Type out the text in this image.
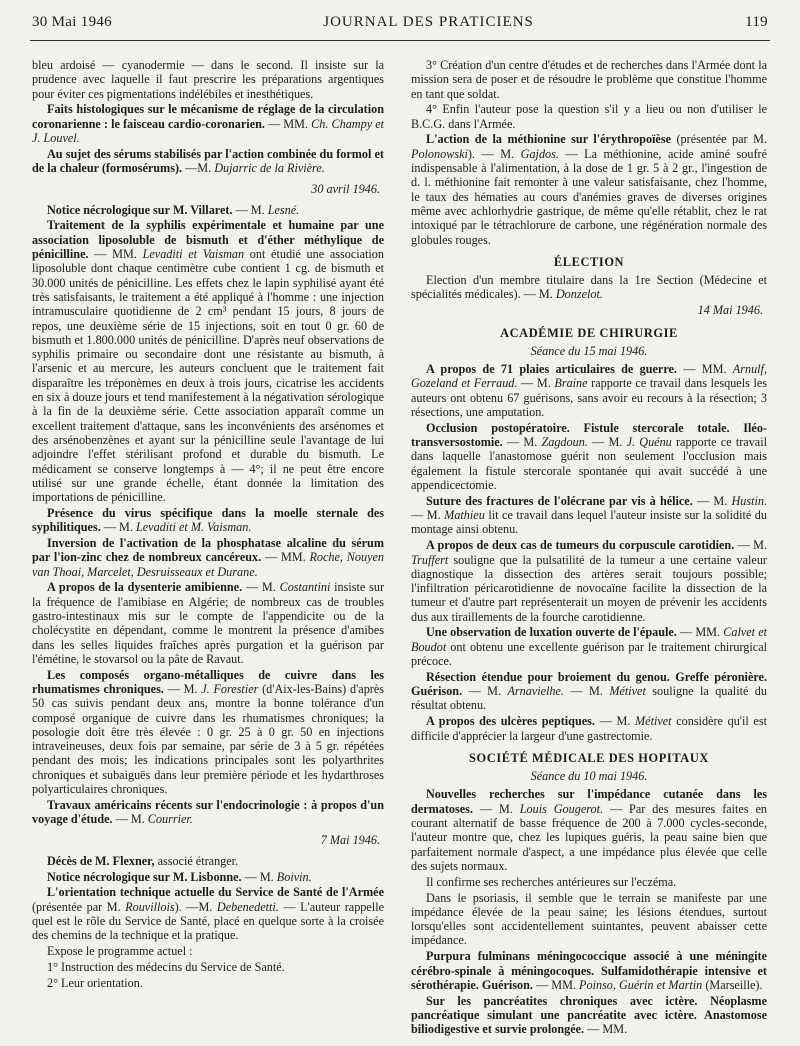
30 Mai 1946	JOURNAL DES PRATICIENS	119

bleu ardoisé — cyanodermie — dans le second. Il insiste sur la prudence avec laquelle il faut prescrire les préparations argentiques pour éviter ces pigmentations indélébiles et inesthétiques.

Faits histologiques sur le mécanisme de réglage de la circulation coronarienne : le faisceau cardio-coronarien. — MM. Ch. Champy et J. Louvel.

Au sujet des sérums stabilisés par l'action combinée du formol et de la chaleur (formosérums). —M. Dujarric de la Rivière.

30 avril 1946.

Notice nécrologique sur M. Villaret. — M. Lesné.

Traitement de la syphilis expérimentale et humaine par une association liposoluble de bismuth et d'éther méthylique de pénicilline. — MM. Levaditi et Vaisman ont étudié une association liposoluble dont chaque centimètre cube contient 1 cg. de bismuth et 30.000 unités de pénicilline. Les effets chez le lapin syphilisé ayant été très satisfaisants, le traitement a été appliqué à l'homme : une injection intramusculaire quotidienne de 2 cm³ pendant 15 jours, 8 jours de repos, une deuxième série de 15 injections, soit en tout 0 gr. 60 de bismuth et 1.800.000 unités de pénicilline. D'après neuf observations de syphilis primaire ou secondaire dont une résistante au bismuth, à l'arsenic et au mercure, les auteurs concluent que le traitement fait disparaître les tréponèmes en deux à trois jours, cicatrise les accidents en six à douze jours et tend manifestement à la négativation sérologique à la fin de la deuxième série. Cette association apparaît comme un excellent traitement d'attaque, sans les inconvénients des arsénomes et des arsénobenzènes et ayant sur la pénicilline seule l'avantage de lui adjoindre l'effet stérilisant profond et durable du bismuth. Le médicament se conserve longtemps à — 4°; il ne peut être encore utilisé sur une grande échelle, étant donnée la limitation des importations de pénicilline.

Présence du virus spécifique dans la moelle sternale des syphilitiques. — M. Levaditi et M. Vaisman.

Inversion de l'activation de la phosphatase alcaline du sérum par l'ion-zinc chez de nombreux cancéreux. — MM. Roche, Nouyen van Thoai, Marcelet, Desruisseaux et Durane.

A propos de la dysenterie amibienne. — M. Costantini insiste sur la fréquence de l'amibiase en Algérie; de nombreux cas de troubles gastro-intestinaux mis sur le compte de l'appendicite ou de la cholécystite en dépendant, comme le montrent la présence d'amibes dans les selles liquides fraîches après purgation et la guérison par l'émétine, le stovarsol ou la pâte de Ravaut.

Les composés organo-métalliques de cuivre dans les rhumatismes chroniques. — M. J. Forestier (d'Aix-les-Bains) d'après 50 cas suivis pendant deux ans, montre la bonne tolérance d'un composé organique de cuivre dans les rhumatismes chroniques; la posologie doit être très élevée : 0 gr. 25 à 0 gr. 50 en injections intraveineuses, deux fois par semaine, par série de 3 à 5 gr. répétées pendant des mois; les indications principales sont les polyarthrites chroniques et subaiguës dans leur première période et les hydarthroses polyarticulaires chroniques.

Travaux américains récents sur l'endocrinologie : à propos d'un voyage d'étude. — M. Courrier.

7 Mai 1946.

Décès de M. Flexner, associé étranger.

Notice nécrologique sur M. Lisbonne. — M. Boivin.

L'orientation technique actuelle du Service de Santé de l'Armée (présentée par M. Rouvillois). —M. Debenedetti. — L'auteur rappelle quel est le rôle du Service de Santé, placé en quelque sorte à la croisée des chemins de la technique et la pratique.

Expose le programme actuel :

1° Instruction des médecins du Service de Santé.

2° Leur orientation.

3° Création d'un centre d'études et de recherches dans l'Armée dont la mission sera de poser et de résoudre le problème que constitue l'homme en tant que soldat.

4° Enfin l'auteur pose la question s'il y a lieu ou non d'utiliser le B.C.G. dans l'Armée.

L'action de la méthionine sur l'érythropoïèse (présentée par M. Polonowski). — M. Gajdos. — La méthionine, acide aminé soufré indispensable à l'alimentation, à la dose de 1 gr. 5 à 2 gr., l'ingestion de d. l. méthionine fait remonter à une valeur satisfaisante, chez l'homme, le taux des hématies au cours d'anémies graves de diverses origines même avec achlorhydrie gastrique, de même qu'elle rétablit, chez le rat intoxiqué par le tétrachlorure de carbone, une régénération normale des globules rouges.

ÉLECTION

Election d'un membre titulaire dans la 1re Section (Médecine et spécialités médicales). — M. Donzelot.

14 Mai 1946.

ACADÉMIE DE CHIRURGIE
Séance du 15 mai 1946.

A propos de 71 plaies articulaires de guerre. — MM. Arnulf, Gozeland et Ferraud. — M. Braine rapporte ce travail dans lesquels les auteurs ont obtenu 67 guérisons, sans avoir eu recours à la résection; 3 résections, une amputation.

Occlusion postopératoire. Fistule stercorale totale. Iléo-transversostomie. — M. Zagdoun. — M. J. Quénu rapporte ce travail dans laquelle l'anastomose guérit non seulement l'occlusion mais également la fistule stercorale spontanée qui avait succédé à une appendicectomie.

Suture des fractures de l'olécrane par vis à hélice. — M. Hustin. — M. Mathieu lit ce travail dans lequel l'auteur insiste sur la solidité du montage ainsi obtenu.

A propos de deux cas de tumeurs du corpuscule carotidien. — M. Truffert souligne que la pulsatilité de la tumeur a une certaine valeur diagnostique la dissection des artères serait toujours possible; l'infiltration péricarotidienne de novocaïne facilite la dissection de la tumeur et d'autre part représenterait un moyen de prévenir les accidents dus aux tiraillements de la fourche carotidienne.

Une observation de luxation ouverte de l'épaule. — MM. Calvet et Boudot ont obtenu une excellente guérison par le traitement chirurgical précoce.

Résection étendue pour broiement du genou. Greffe péronière. Guérison. — M. Arnavielhe. — M. Métivet souligne la qualité du résultat obtenu.

A propos des ulcères peptiques. — M. Métivet considère qu'il est difficile d'apprécier la largeur d'une gastrectomie.

SOCIÉTÉ MÉDICALE DES HOPITAUX
Séance du 10 mai 1946.

Nouvelles recherches sur l'impédance cutanée dans les dermatoses. — M. Louis Gougerot. — Par des mesures faites en courant alternatif de basse fréquence de 200 à 7.000 cycles-seconde, l'auteur montre que, chez les lupiques guéris, la peau saine bien que parfaitement normale d'aspect, a une impédance plus élevée que celle des sujets normaux.

Il confirme ses recherches antérieures sur l'eczéma.

Dans le psoriasis, il semble que le terrain se manifeste par une impédance élevée de la peau saine; les lésions étendues, surtout lorsqu'elles sont accidentellement suintantes, peuvent abaisser cette impédance.

Purpura fulminans méningococcique associé à une méningite cérébro-spinale à méningocoques. Sulfamidothérapie intensive et sérothérapie. Guérison. — MM. Poinso, Guérin et Martin (Marseille).

Sur les pancréatites chroniques avec ictère. Néoplasme pancréatique simulant une pancréatite avec ictère. Anastomose biliodigestive et survie prolongée. — MM.
